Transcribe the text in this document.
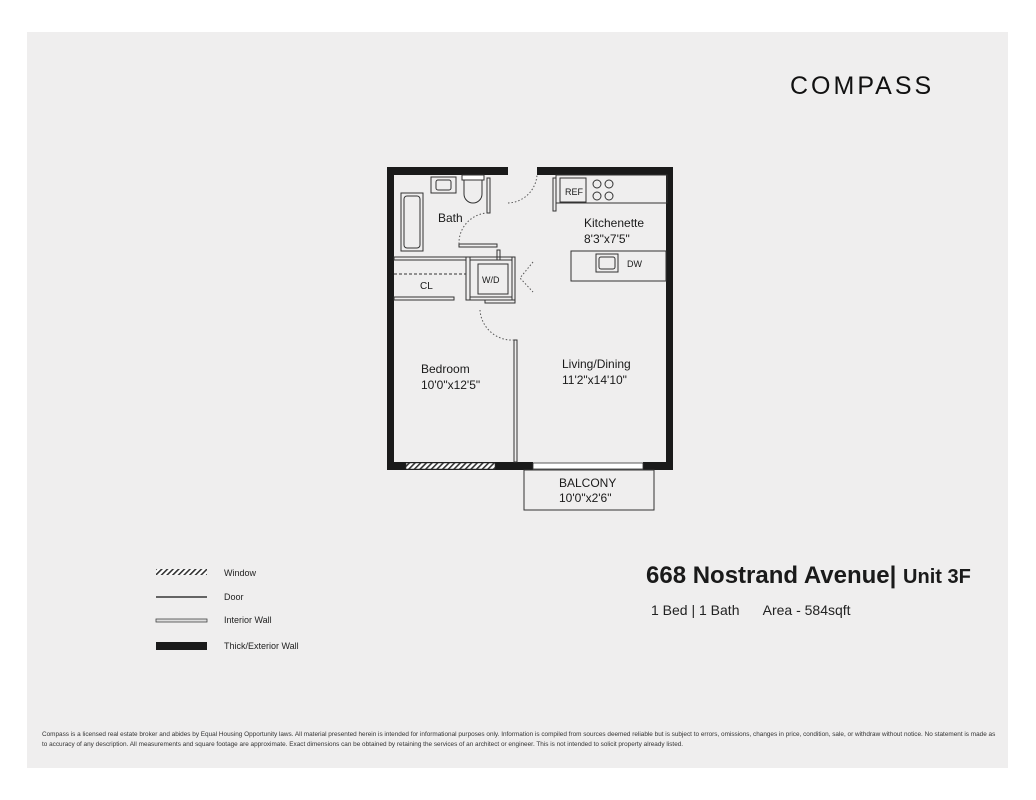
COMPASS
Bath	Kitchenette
8'3"x7'5"
REF
DW
W/D
CL
Bedroom
10'0"x12'5"
Living/Dining
11'2"x14'10"
BALCONY
10'0"x2'6"
Window
Door
Interior Wall
Thick/Exterior Wall
668 Nostrand Avenue| Unit 3F
1 Bed | 1 Bath Area - 584sqft
Compass is a licensed real estate broker and abides by Equal Housing Opportunity laws. All material presented herein is intended for informational purposes only. Information is compiled from sources deemed reliable but is subject to errors, omissions, changes in price, condition, sale, or withdraw without notice. No statement is made as to accuracy of any description. All measurements and square footage are approximate. Exact dimensions can be obtained by retaining the services of an architect or engineer. This is not intended to solicit property already listed.
